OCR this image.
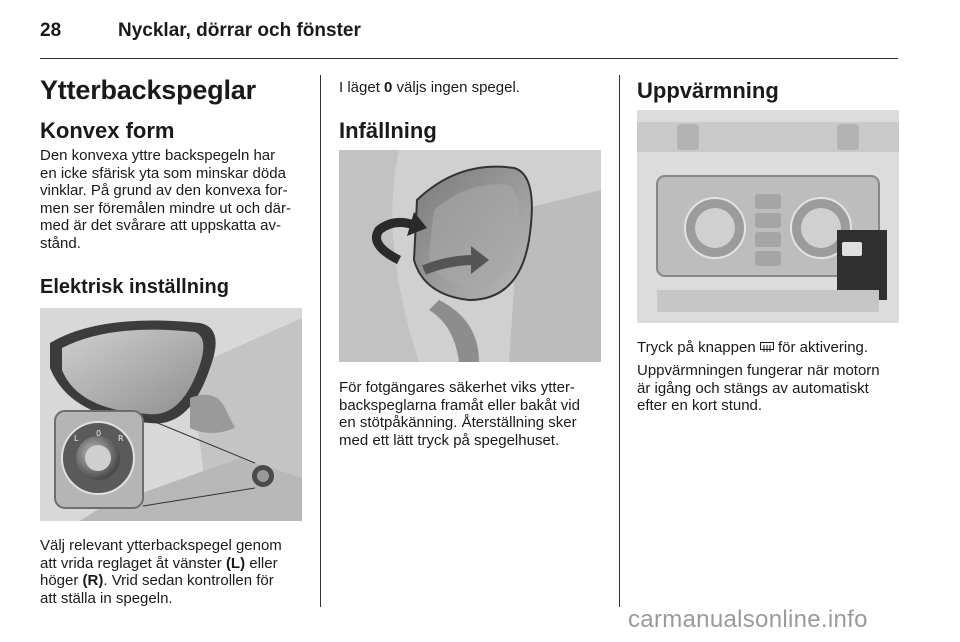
28	Nycklar, dörrar och fönster
Ytterbackspeglar
Konvex form

Den konvexa yttre backspegeln har

en icke sfärisk yta som minskar döda

vinklar. På grund av den konvexa for-

men ser föremålen mindre ut och där-

med är det svårare att uppskatta av-

stånd.

Elektrisk inställning
L
0
R

Välj relevant ytterbackspegel genom

att vrida reglaget åt vänster (L) eller

höger (R). Vrid sedan kontrollen för

att ställa in spegeln.

I läget 0 väljs ingen spegel.
Infällning

För fotgängares säkerhet viks ytter-

backspeglarna framåt eller bakåt vid

en stötpåkänning. Återställning sker

med ett lätt tryck på spegelhuset.

Uppvärmning
Tryck på knappen  för aktivering.

Uppvärmningen fungerar när motorn

är igång och stängs av automatiskt

efter en kort stund.

carmanualsonline.info
